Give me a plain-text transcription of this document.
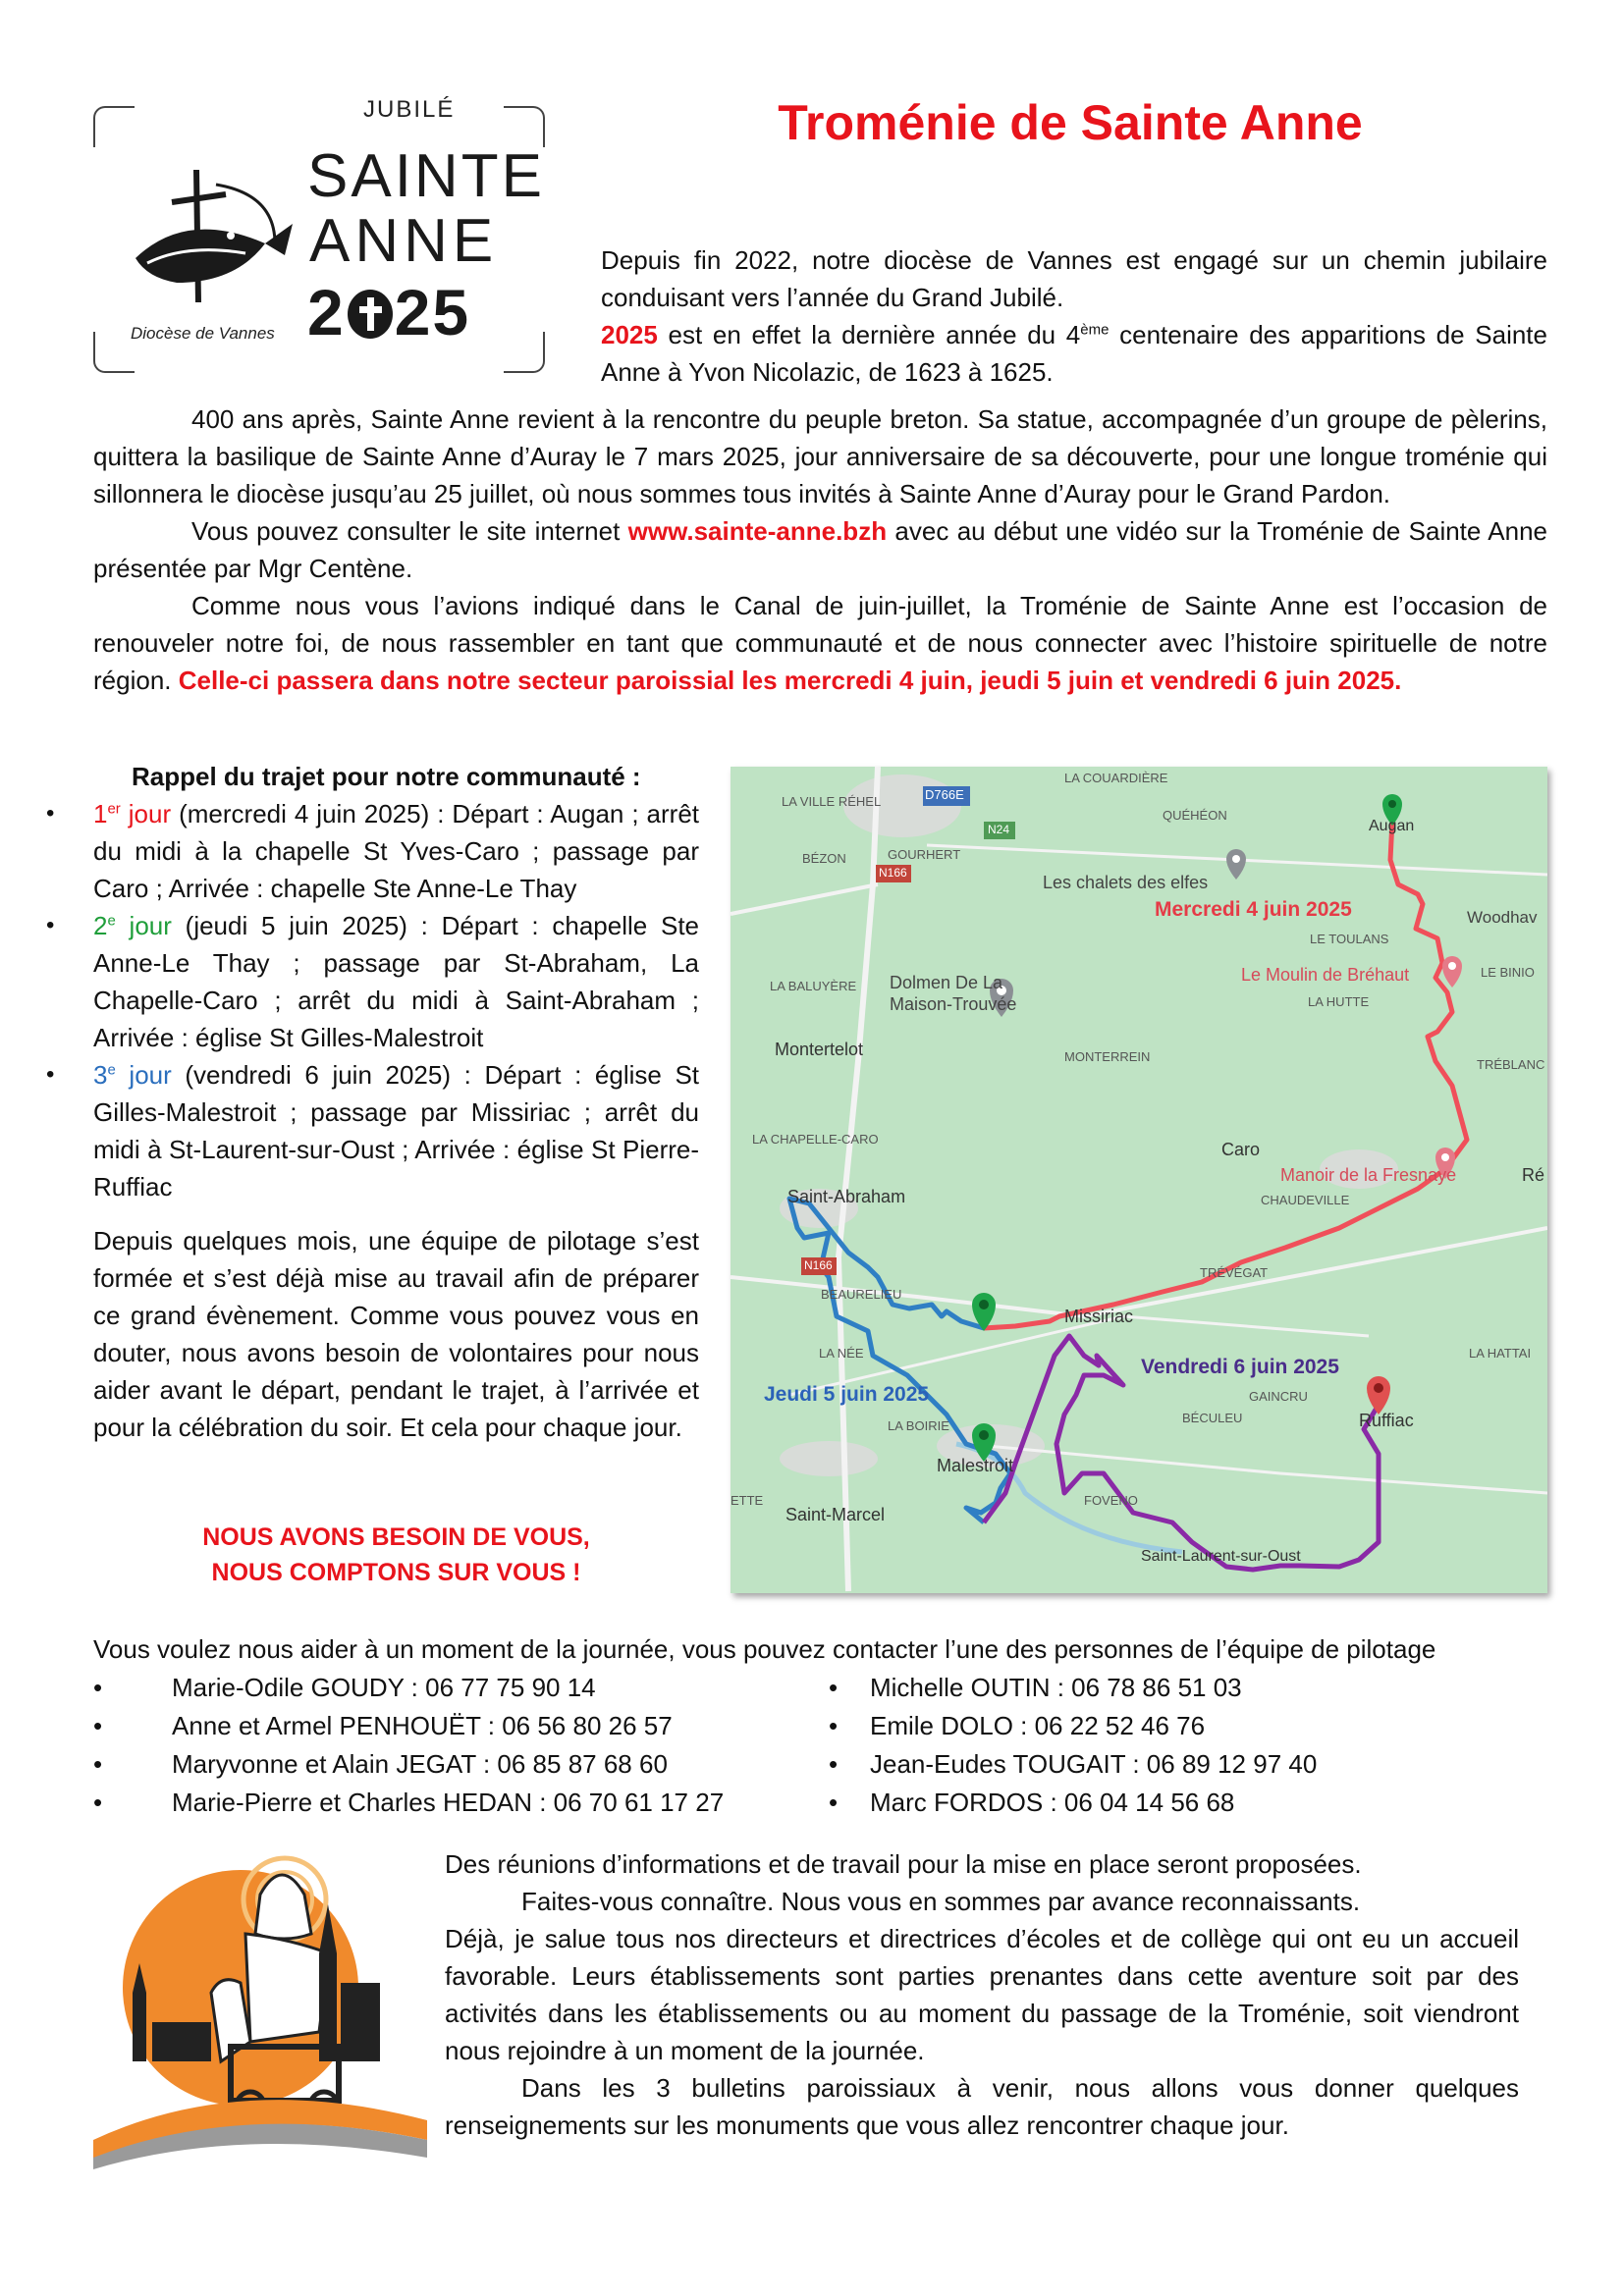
JUBILÉ
SAINTE
ANNE
2 25
Diocèse de Vannes
Troménie de Sainte Anne
Depuis fin 2022, notre diocèse de Vannes est engagé sur un chemin jubilaire conduisant vers l’année du Grand Jubilé.
2025 est en effet la dernière année du 4ème centenaire des apparitions de Sainte Anne à Yvon Nicolazic, de 1623 à 1625.
400 ans après, Sainte Anne revient à la rencontre du peuple breton. Sa statue, accompagnée d’un groupe de pèlerins, quittera la basilique de Sainte Anne d’Auray le 7 mars 2025, jour anniversaire de sa découverte, pour une longue troménie qui sillonnera le diocèse jusqu’au 25 juillet, où nous sommes tous invités à Sainte Anne d’Auray pour le Grand Pardon.
Vous pouvez consulter le site internet www.sainte-anne.bzh avec au début une vidéo sur la Troménie de Sainte Anne présentée par Mgr Centène.
Comme nous vous l’avions indiqué dans le Canal de juin-juillet, la Troménie de Sainte Anne est l’occasion de renouveler notre foi, de nous rassembler en tant que communauté et de nous connecter avec l’histoire spirituelle de notre région. Celle-ci passera dans notre secteur paroissial les mercredi 4 juin, jeudi 5 juin et vendredi 6 juin 2025.
Rappel du trajet pour notre communauté :
• 1er jour (mercredi 4 juin 2025) : Départ : Augan ; arrêt du midi à la chapelle St Yves-Caro ; passage par Caro ; Arrivée : chapelle Ste Anne-Le Thay
• 2e jour (jeudi 5 juin 2025) : Départ : chapelle Ste Anne-Le Thay ; passage par St-Abraham, La Chapelle-Caro ; arrêt du midi à Saint-Abraham ; Arrivée : église St Gilles-Malestroit
• 3e jour (vendredi 6 juin 2025) : Départ : église St Gilles-Malestroit ; passage par Missiriac ; arrêt du midi à St-Laurent-sur-Oust ; Arrivée : église St Pierre-Ruffiac
Depuis quelques mois, une équipe de pilotage s’est formée et s’est déjà mise au travail afin de préparer ce grand évènement. Comme vous pouvez vous en douter, nous avons besoin de volontaires pour nous aider avant le départ, pendant le trajet, à l’arrivée et pour la célébration du soir. Et cela pour chaque jour.
NOUS AVONS BESOIN DE VOUS,
NOUS COMPTONS SUR VOUS !
D766E
N24
N166
N166
LA COUARDIÈRE
LA VILLE RÉHEL
QUÉHÉON
BÉZON	GOURHERT
Les chalets des elfes
Woodhav
LE TOULANS
LA BALUYÈRE Dolmen De La
Maison-Trouvée
Le Moulin de Bréhaut	LE BINIO
LA HUTTE
Montertelot	MONTERREIN
TRÉBLANC
LA CHAPELLE-CARO
Caro
Manoir de la Fresnaye	Ré
Saint-Abraham	CHAUDEVILLE
TRÉVÉGAT
BEAURELIEU
Missiriac
LA NÉE	LA HATTAI
GAINCRU
BÉCULEU
LA BOIRIE	Ruffiac
Malestroit
ETTE
Saint-Marcel
FOVENO
Saint-Laurent-sur-Oust
Augan
Mercredi 4 juin 2025
Jeudi 5 juin 2025
Vendredi 6 juin 2025
Vous voulez nous aider à un moment de la journée, vous pouvez contacter l’une des personnes de l’équipe de pilotage
•	Marie-Odile GOUDY : 06 77 75 90 14
•	Anne et Armel PENHOUËT : 06 56 80 26 57
•	Maryvonne et Alain JEGAT : 06 85 87 68 60
•	Marie-Pierre et Charles HEDAN : 06 70 61 17 27
• Michelle OUTIN : 06 78 86 51 03
• Emile DOLO : 06 22 52 46 76
• Jean-Eudes TOUGAIT : 06 89 12 97 40
• Marc FORDOS : 06 04 14 56 68
Des réunions d’informations et de travail pour la mise en place seront proposées.
Faites-vous connaître. Nous vous en sommes par avance reconnaissants.
Déjà, je salue tous nos directeurs et directrices d’écoles et de collège qui ont eu un accueil favorable. Leurs établissements sont parties prenantes dans cette aventure soit par des activités dans les établissements ou au moment du passage de la Troménie, soit viendront nous rejoindre à un moment de la journée.
Dans les 3 bulletins paroissiaux à venir, nous allons vous donner quelques renseignements sur les monuments que vous allez rencontrer chaque jour.
